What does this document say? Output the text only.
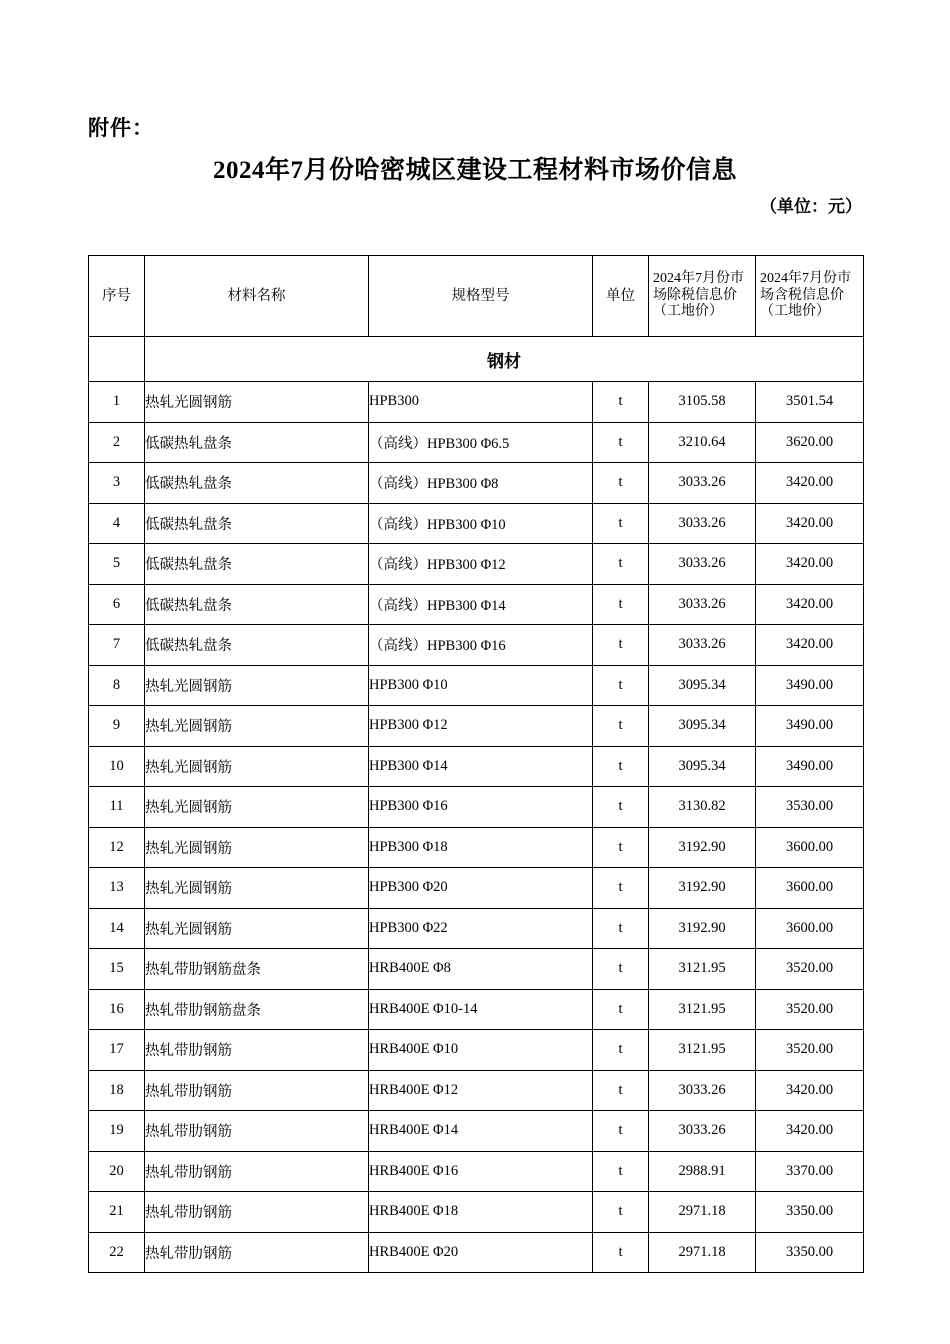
附件：
2024年7月份哈密城区建设工程材料市场价信息
（单位：元）
序号	材料名称	规格型号	单位	2024年7月份市场除税信息价（工地价）	2024年7月份市场含税信息价（工地价）
	钢材				
1	热轧光圆钢筋	HPB300	t	3105.58	3501.54
2	低碳热轧盘条	（高线）HPB300 Φ6.5	t	3210.64	3620.00
3	低碳热轧盘条	（高线）HPB300 Φ8	t	3033.26	3420.00
4	低碳热轧盘条	（高线）HPB300 Φ10	t	3033.26	3420.00
5	低碳热轧盘条	（高线）HPB300 Φ12	t	3033.26	3420.00
6	低碳热轧盘条	（高线）HPB300 Φ14	t	3033.26	3420.00
7	低碳热轧盘条	（高线）HPB300 Φ16	t	3033.26	3420.00
8	热轧光圆钢筋	HPB300 Φ10	t	3095.34	3490.00
9	热轧光圆钢筋	HPB300 Φ12	t	3095.34	3490.00
10	热轧光圆钢筋	HPB300 Φ14	t	3095.34	3490.00
11	热轧光圆钢筋	HPB300 Φ16	t	3130.82	3530.00
12	热轧光圆钢筋	HPB300 Φ18	t	3192.90	3600.00
13	热轧光圆钢筋	HPB300 Φ20	t	3192.90	3600.00
14	热轧光圆钢筋	HPB300 Φ22	t	3192.90	3600.00
15	热轧带肋钢筋盘条	HRB400E Φ8	t	3121.95	3520.00
16	热轧带肋钢筋盘条	HRB400E Φ10-14	t	3121.95	3520.00
17	热轧带肋钢筋	HRB400E Φ10	t	3121.95	3520.00
18	热轧带肋钢筋	HRB400E Φ12	t	3033.26	3420.00
19	热轧带肋钢筋	HRB400E Φ14	t	3033.26	3420.00
20	热轧带肋钢筋	HRB400E Φ16	t	2988.91	3370.00
21	热轧带肋钢筋	HRB400E Φ18	t	2971.18	3350.00
22	热轧带肋钢筋	HRB400E Φ20	t	2971.18	3350.00
